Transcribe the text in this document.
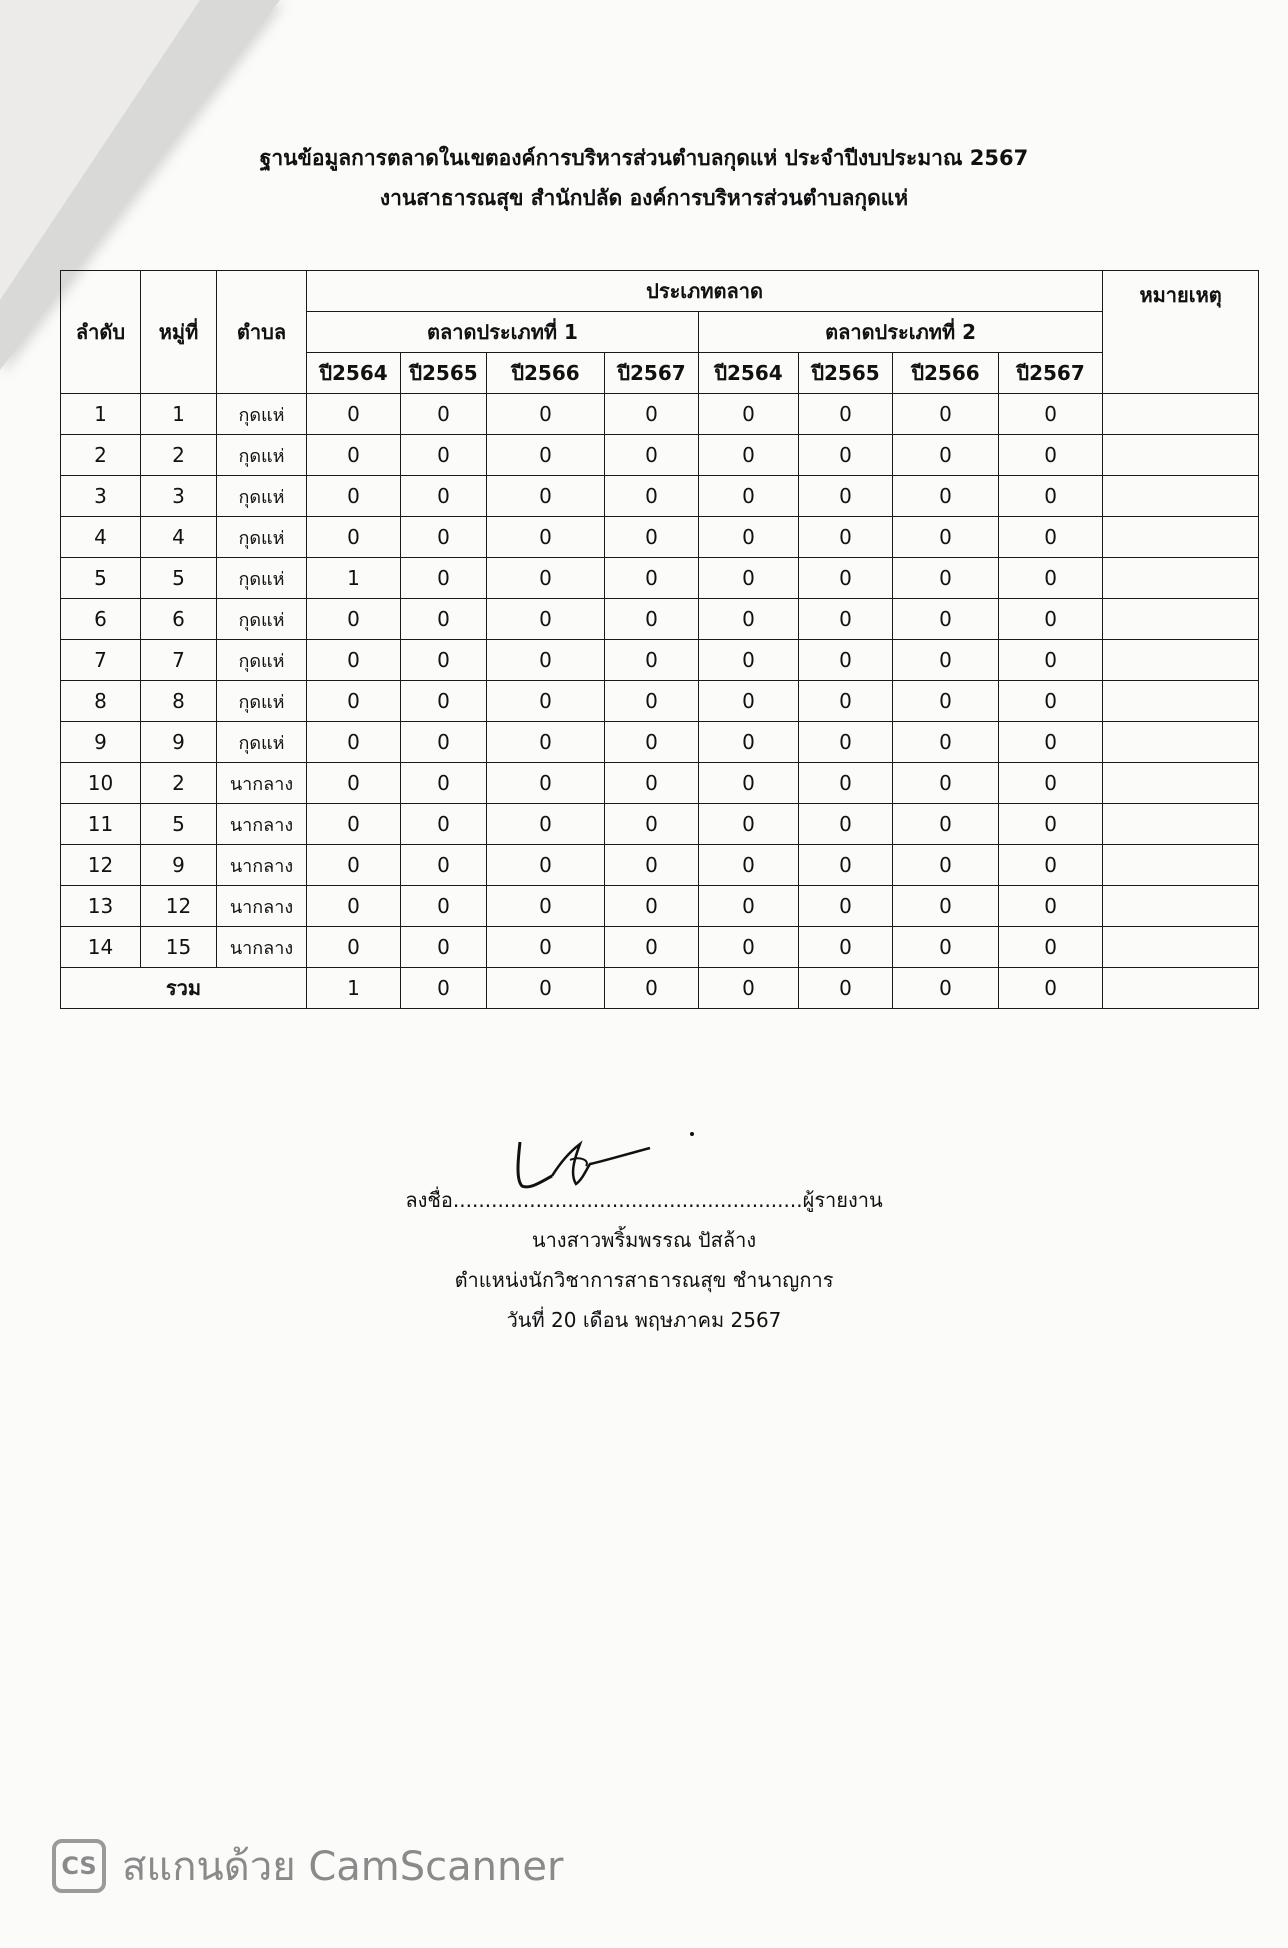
ฐานข้อมูลการตลาดในเขตองค์การบริหารส่วนตำบลกุดแห่ ประจำปีงบประมาณ 2567
งานสาธารณสุข สำนักปลัด องค์การบริหารส่วนตำบลกุดแห่
ลำดับ	หมู่ที่	ตำบล	ประเภทตลาด								หมายเหตุ
			ตลาดประเภทที่ 1				ตลาดประเภทที่ 2				
			ปี2564	ปี2565	ปี2566	ปี2567	ปี2564	ปี2565	ปี2566	ปี2567	
1	1	กุดแห่	0	0	0	0	0	0	0	0	
2	2	กุดแห่	0	0	0	0	0	0	0	0	
3	3	กุดแห่	0	0	0	0	0	0	0	0	
4	4	กุดแห่	0	0	0	0	0	0	0	0	
5	5	กุดแห่	1	0	0	0	0	0	0	0	
6	6	กุดแห่	0	0	0	0	0	0	0	0	
7	7	กุดแห่	0	0	0	0	0	0	0	0	
8	8	กุดแห่	0	0	0	0	0	0	0	0	
9	9	กุดแห่	0	0	0	0	0	0	0	0	
10	2	นากลาง	0	0	0	0	0	0	0	0	
11	5	นากลาง	0	0	0	0	0	0	0	0	
12	9	นากลาง	0	0	0	0	0	0	0	0	
13	12	นากลาง	0	0	0	0	0	0	0	0	
14	15	นากลาง	0	0	0	0	0	0	0	0	
รวม			1	0	0	0	0	0	0	0	
ลงชื่อ.......................................................ผู้รายงาน
นางสาวพริ้มพรรณ ปัสล้าง
ตำแหน่งนักวิชาการสาธารณสุข ชำนาญการ
วันที่ 20 เดือน พฤษภาคม 2567
CS สแกนด้วย CamScanner
